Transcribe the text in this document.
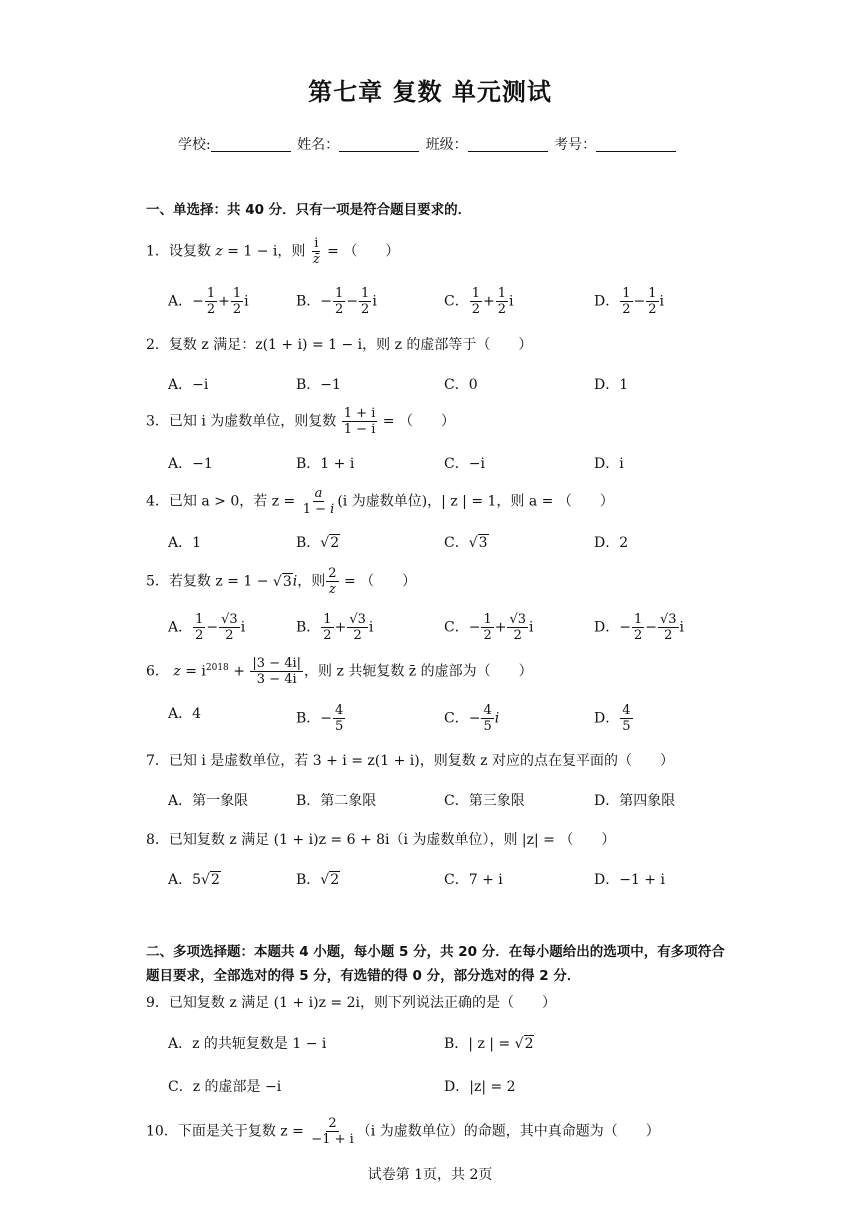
第七章 复数 单元测试
学校:	姓名：	班级：	考号：
一、单选择：共 40 分．只有一项是符合题目要求的．
1．设复数 z = 1 − i，则 $\frac{i}{z̄}$ = （　　）
A．− $\frac{1}{2} + \frac{1}{2}$ i	B．− $\frac{1}{2} - \frac{1}{2}$ i	C． $\frac{1}{2} + \frac{1}{2}$ i	D． $\frac{1}{2} - \frac{1}{2}$ i
2．复数 z 满足：z(1 + i) = 1 − i，则 z 的虚部等于（　　）
A．−i	B．−1	C．0	D．1
3．已知 i 为虚数单位，则复数 $\frac{1 + i}{1 - i}$ = （　　）
A．−1	B．1 + i	C．−i	D．i
4．已知 a > 0，若 $z = \frac{a}{1 - i} (i$ 为虚数单位)，| z | = 1，则 a = （　　）
A．1	B．√2	C．√3	D．2
5．若复数 z = 1 − √3i，则 $\frac{2}{z}$ = （　　）
A． $\frac{1}{2} - \frac{√3}{2}$ i	B． $\frac{1}{2} + \frac{√3}{2}$ i	C．− $\frac{1}{2} + \frac{√3}{2}$ i	D．− $\frac{1}{2} - \frac{√3}{2}$ i
6． $z = i^{2018} + \frac{|3 - 4i|}{3 - 4i}$ ，则 z 共轭复数 z̄ 的虚部为（　　）
A．4	B．− $\frac{4}{5}$	C．− $\frac{4}{5}$ i	D． $\frac{4}{5}$
7．已知 i 是虚数单位，若 3 + i = z(1 + i)，则复数 z 对应的点在复平面的（　　）
A．第一象限	B．第二象限	C．第三象限	D．第四象限
8．已知复数 z 满足 (1 + i)z = 6 + 8i（i 为虚数单位），则 |z| = （　　）
A．5√2	B．√2	C．7 + i	D．−1 + i
二、多项选择题：本题共 4 小题，每小题 5 分，共 20 分．在每小题给出的选项中，有多项符合题目要求，全部选对的得 5 分，有选错的得 0 分，部分选对的得 2 分．
9．已知复数 z 满足 (1 + i)z = 2i，则下列说法正确的是（　　）
A．z 的共轭复数是 1 − i	B．| z | = √2
C．z 的虚部是 −i	D．|z| = 2
10．下面是关于复数 $z = \frac{2}{-1 + i} (i$ 为虚数单位）的命题，其中真命题为（　　）
试卷第 1页，共 2页
